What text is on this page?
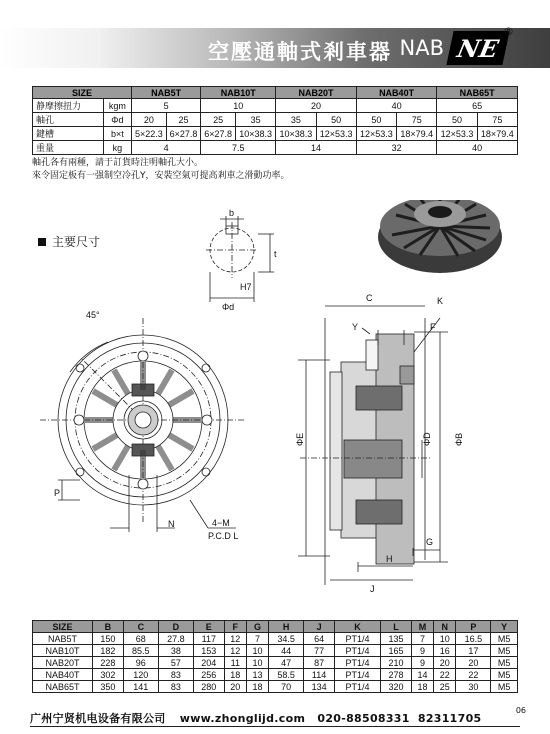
空壓通軸式剎車器 NAB NE
®
SIZE		NAB5T		NAB10T		NAB20T		NAB40T		NAB65T	
静摩擦扭力	kgm	5		10		20		40		65	
軸孔	Φd	20	25	25	35	35	50	50	75	50	75
鍵槽	b×t	5×22.3	6×27.8	6×27.8	10×38.3	10×38.3	12×53.3	12×53.3	18×79.4	12×53.3	18×79.4
重量	kg	4		7.5		14		32		40	
軸孔各有兩種，請于訂貨時注明軸孔大小。
來令固定板有一强制空冷孔Y，安裝空氣可提高剎車之滑動功率。
主要尺寸
b
t
H7
Φd
45°
P
N	4−M
P.C.D L
C	K
Y	F
ΦE	ΦD ΦB
G
H
J
SIZE	B	C	D	E	F	G	H	J	K	L	M	N	P	Y
NAB5T	150	68	27.8	117	12	7	34.5	64	PT1/4	135	7	10	16.5	M5
NAB10T	182	85.5	38	153	12	10	44	77	PT1/4	165	9	16	17	M5
NAB20T	228	96	57	204	11	10	47	87	PT1/4	210	9	20	20	M5
NAB40T	302	120	83	256	18	13	58.5	114	PT1/4	278	14	22	22	M5
NAB65T	350	141	83	280	20	18	70	134	PT1/4	320	18	25	30	M5
广州宁贤机电设备有限公司 www.zhonglijd.com 020-88508331 82311705
06
